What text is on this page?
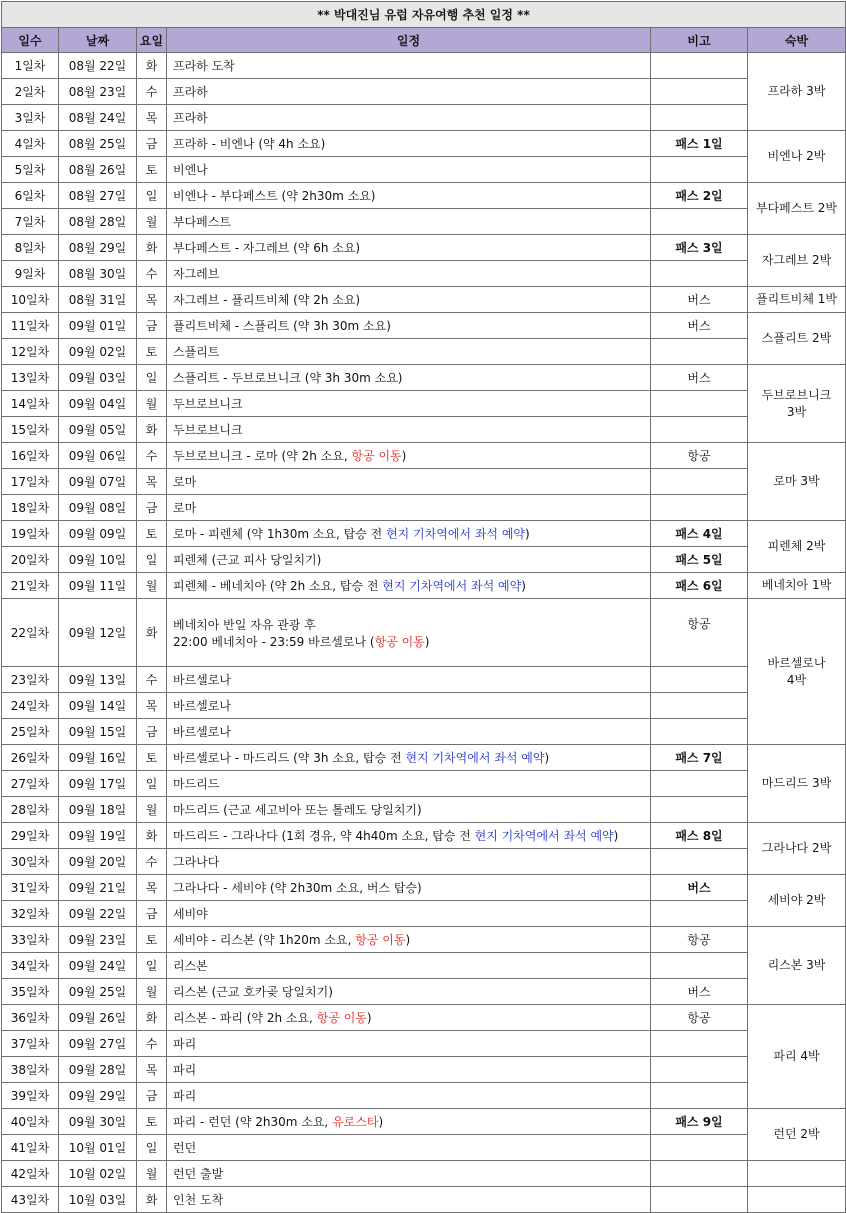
** 박대진님 유럽 자유여행 추천 일정 **					
일수	날짜	요일	일정	비고	숙박
1일차	08월 22일	화	프라하 도착		프라하 3박
2일차	08월 23일	수	프라하		
3일차	08월 24일	목	프라하		
4일차	08월 25일	금	프라하 - 비엔나 (약 4h 소요)	패스 1일	비엔나 2박
5일차	08월 26일	토	비엔나		
6일차	08월 27일	일	비엔나 - 부다페스트 (약 2h30m 소요)	패스 2일	부다페스트 2박
7일차	08월 28일	월	부다페스트		
8일차	08월 29일	화	부다페스트 - 자그레브 (약 6h 소요)	패스 3일	자그레브 2박
9일차	08월 30일	수	자그레브		
10일차	08월 31일	목	자그레브 - 플리트비체 (약 2h 소요)	버스	플리트비체 1박
11일차	09월 01일	금	플리트비체 - 스플리트 (약 3h 30m 소요)	버스	스플리트 2박
12일차	09월 02일	토	스플리트		
13일차	09월 03일	일	스플리트 - 두브로브니크 (약 3h 30m 소요)	버스	두브로브니크
3박
14일차	09월 04일	월	두브로브니크		
15일차	09월 05일	화	두브로브니크		
16일차	09월 06일	수	두브로브니크 - 로마 (약 2h 소요, 항공 이동)	항공	로마 3박
17일차	09월 07일	목	로마		
18일차	09월 08일	금	로마		
19일차	09월 09일	토	로마 - 피렌체 (약 1h30m 소요, 탑승 전 현지 기차역에서 좌석 예약)	패스 4일	피렌체 2박
20일차	09월 10일	일	피렌체 (근교 피사 당일치기)	패스 5일	
21일차	09월 11일	월	피렌체 - 베네치아 (약 2h 소요, 탑승 전 현지 기차역에서 좌석 예약)	패스 6일	베네치아 1박
22일차	09월 12일	화	베네치아 반일 자유 관광 후
22:00 베네치아 - 23:59 바르셀로나 (항공 이동)	항공	바르셀로나
4박
23일차	09월 13일	수	바르셀로나		
24일차	09월 14일	목	바르셀로나		
25일차	09월 15일	금	바르셀로나		
26일차	09월 16일	토	바르셀로나 - 마드리드 (약 3h 소요, 탑승 전 현지 기차역에서 좌석 예약)	패스 7일	마드리드 3박
27일차	09월 17일	일	마드리드		
28일차	09월 18일	월	마드리드 (근교 세고비아 또는 톨레도 당일치기)		
29일차	09월 19일	화	마드리드 - 그라나다 (1회 경유, 약 4h40m 소요, 탑승 전 현지 기차역에서 좌석 예약)	패스 8일	그라나다 2박
30일차	09월 20일	수	그라나다		
31일차	09월 21일	목	그라나다 - 세비야 (약 2h30m 소요, 버스 탑승)	버스	세비야 2박
32일차	09월 22일	금	세비야		
33일차	09월 23일	토	세비야 - 리스본 (약 1h20m 소요, 항공 이동)	항공	리스본 3박
34일차	09월 24일	일	리스본		
35일차	09월 25일	월	리스본 (근교 호카곶 당일치기)	버스	
36일차	09월 26일	화	리스본 - 파리 (약 2h 소요, 항공 이동)	항공	파리 4박
37일차	09월 27일	수	파리		
38일차	09월 28일	목	파리		
39일차	09월 29일	금	파리		
40일차	09월 30일	토	파리 - 런던 (약 2h30m 소요, 유로스타)	패스 9일	런던 2박
41일차	10월 01일	일	런던		
42일차	10월 02일	월	런던 출발		
43일차	10월 03일	화	인천 도착		
